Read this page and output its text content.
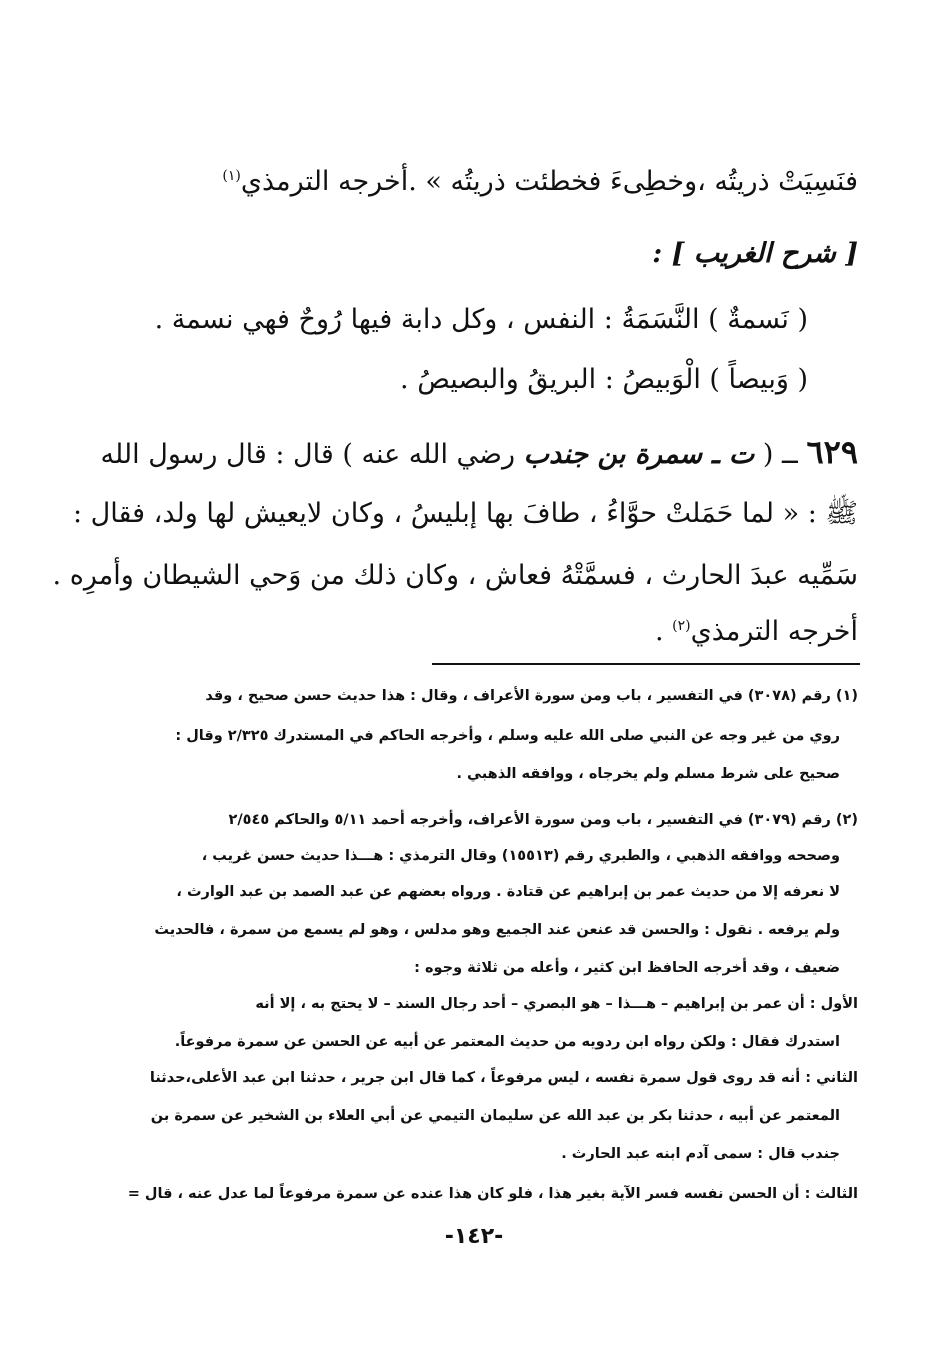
فنَسِيَتْ ذريتُه ،وخطِىءَ فخطئت ذريتُه » .أخرجه الترمذي$^{(١)}$
[ شرح الغريب ] :
( نَسمةٌ ) النَّسَمَةُ : النفس ، وكل دابة فيها رُوحٌ فهي نسمة .
( وَبيصاً ) الْوَبيصُ : البريقُ والبصيصُ .
٦٢٩ ــ ( ت ـ سمرة بن جندب رضي الله عنه ) قال : قال رسول الله
ﷺ : « لما حَمَلتْ حوَّاءُ ، طافَ بها إبليسُ ، وكان لايعيش لها ولد، فقال :
سَمِّيه عبدَ الحارث ، فسمَّتْهُ فعاش ، وكان ذلك من وَحي الشيطان وأمرِه .
أخرجه الترمذي$^{(٢)}$ .
(١) رقم (٣٠٧٨) في التفسير ، باب ومن سورة الأعراف ، وقال : هذا حديث حسن صحيح ، وقد
روي من غير وجه عن النبي صلى الله عليه وسلم ، وأخرجه الحاكم في المستدرك ٢/٣٢٥ وقال :
صحيح على شرط مسلم ولم يخرجاه ، ووافقه الذهبي .
(٢) رقم (٣٠٧٩) في التفسير ، باب ومن سورة الأعراف، وأخرجه أحمد ٥/١١ والحاكم ٢/٥٤٥
وصححه ووافقه الذهبي ، والطبري رقم (١٥٥١٣) وقال الترمذي : هـــذا حديث حسن غريب ،
لا نعرفه إلا من حديث عمر بن إبراهيم عن قتادة . ورواه بعضهم عن عبد الصمد بن عبد الوارث ،
ولم يرفعه . نقول : والحسن قد عنعن عند الجميع وهو مدلس ، وهو لم يسمع من سمرة ، فالحديث
ضعيف ، وقد أخرجه الحافظ ابن كثير ، وأعله من ثلاثة وجوه :
الأول : أن عمر بن إبراهيم – هـــذا – هو البصري – أحد رجال السند – لا يحتج به ، إلا أنه
استدرك فقال : ولكن رواه ابن ردويه من حديث المعتمر عن أبيه عن الحسن عن سمرة مرفوعاً.
الثاني : أنه قد روى قول سمرة نفسه ، ليس مرفوعاً ، كما قال ابن جرير ، حدثنا ابن عبد الأعلى،حدثنا
المعتمر عن أبيه ، حدثنا بكر بن عبد الله عن سليمان التيمي عن أبي العلاء بن الشخير عن سمرة بن
جندب قال : سمى آدم ابنه عبد الحارث .
الثالث : أن الحسن نفسه فسر الآية بغير هذا ، فلو كان هذا عنده عن سمرة مرفوعاً لما عدل عنه ، قال =
-١٤٢-
